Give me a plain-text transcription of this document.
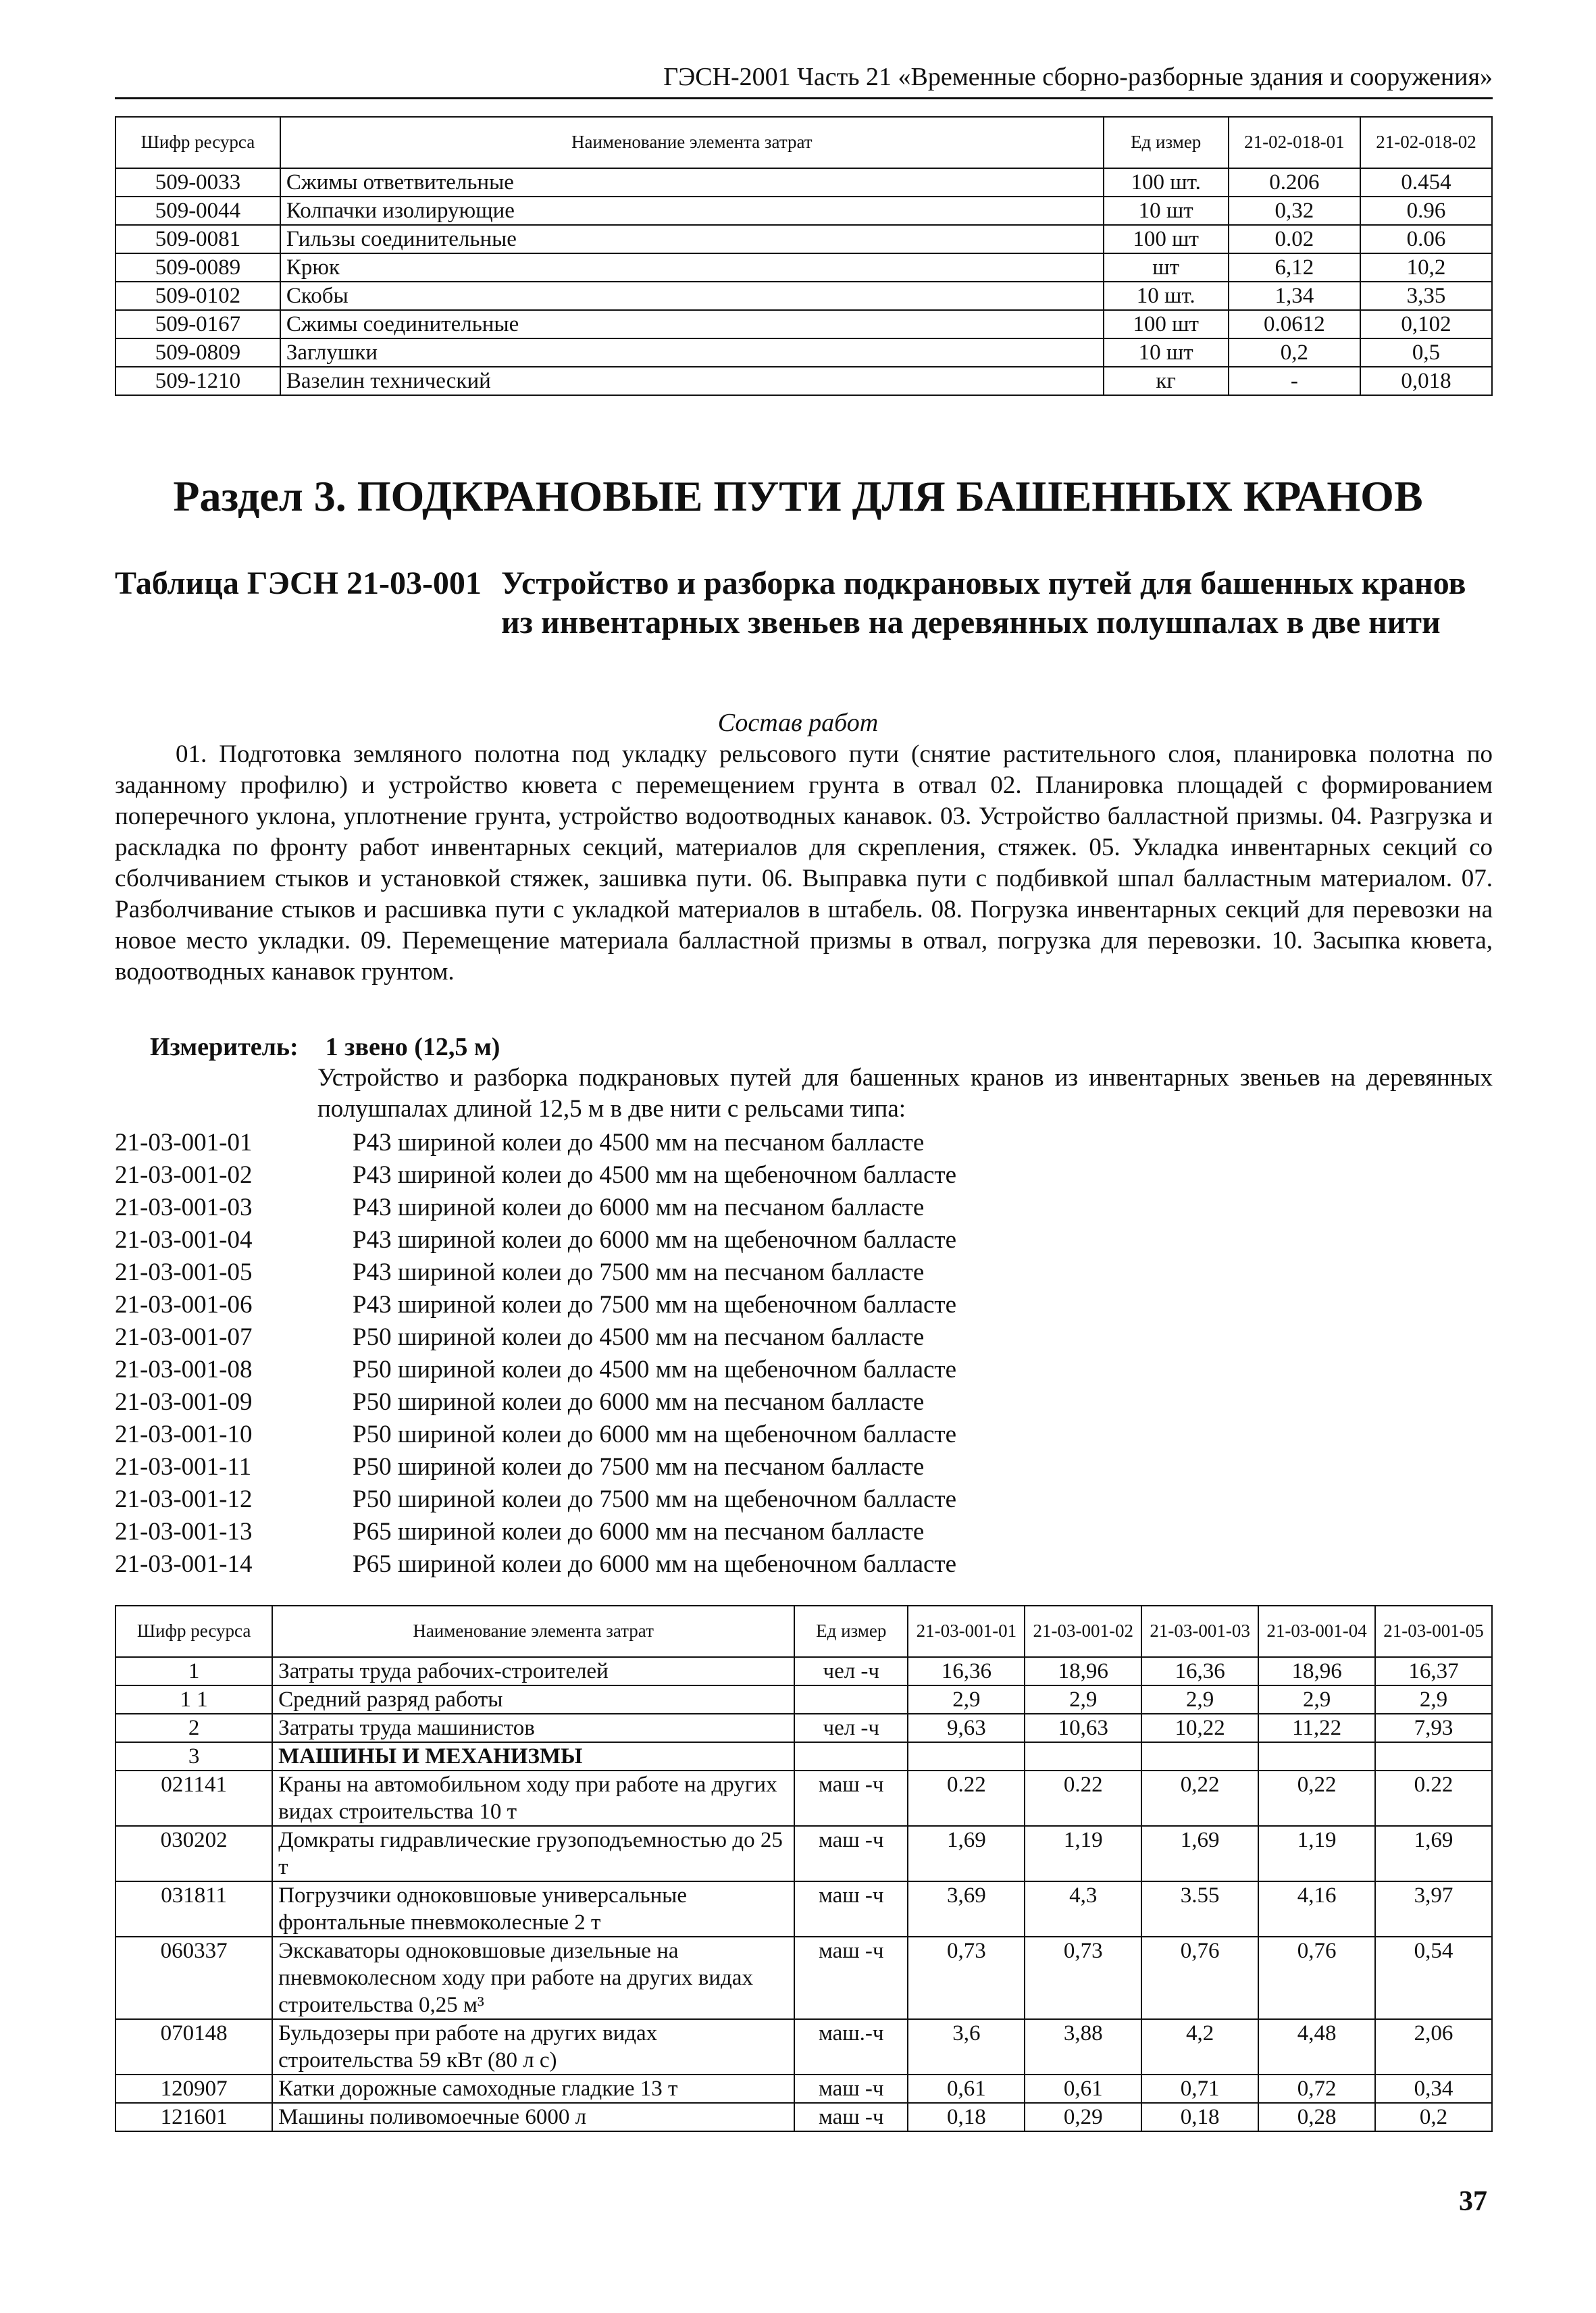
ГЭСН-2001 Часть 21 «Временные сборно-разборные здания и сооружения»
Шифр ресурса	Наименование элемента затрат	Ед измер	21-02-018-01	21-02-018-02
509-0033	Сжимы ответвительные	100 шт.	0.206	0.454
509-0044	Колпачки изолирующие	10 шт	0,32	0.96
509-0081	Гильзы соединительные	100 шт	0.02	0.06
509-0089	Крюк	шт	6,12	10,2
509-0102	Скобы	10 шт.	1,34	3,35
509-0167	Сжимы соединительные	100 шт	0.0612	0,102
509-0809	Заглушки	10 шт	0,2	0,5
509-1210	Вазелин технический	кг	-	0,018
Раздел 3. ПОДКРАНОВЫЕ ПУТИ ДЛЯ БАШЕННЫХ КРАНОВ
Таблица ГЭСН 21-03-001 Устройство и разборка подкрановых путей для башенных кранов из инвентарных звеньев на деревянных полушпалах в две нити
Состав работ
01. Подготовка земляного полотна под укладку рельсового пути (снятие растительного слоя, планировка полотна по заданному профилю) и устройство кювета с перемещением грунта в отвал 02. Планировка площадей с формированием поперечного уклона, уплотнение грунта, устройство водоотводных канавок. 03. Устройство балластной призмы. 04. Разгрузка и раскладка по фронту работ инвентарных секций, материалов для скрепления, стяжек. 05. Укладка инвентарных секций со сболчиванием стыков и установкой стяжек, зашивка пути. 06. Выправка пути с подбивкой шпал балластным материалом. 07. Разболчивание стыков и расшивка пути с укладкой материалов в штабель. 08. Погрузка инвентарных секций для перевозки на новое место укладки. 09. Перемещение материала балластной призмы в отвал, погрузка для перевозки. 10. Засыпка кювета, водоотводных канавок грунтом.
Измеритель: 1 звено (12,5 м)
Устройство и разборка подкрановых путей для башенных кранов из инвентарных звеньев на деревянных полушпалах длиной 12,5 м в две нити с рельсами типа:
21-03-001-01	Р43 шириной колеи до 4500 мм на песчаном балласте
21-03-001-02	Р43 шириной колеи до 4500 мм на щебеночном балласте
21-03-001-03	Р43 шириной колеи до 6000 мм на песчаном балласте
21-03-001-04	Р43 шириной колеи до 6000 мм на щебеночном балласте
21-03-001-05	Р43 шириной колеи до 7500 мм на песчаном балласте
21-03-001-06	Р43 шириной колеи до 7500 мм на щебеночном балласте
21-03-001-07	Р50 шириной колеи до 4500 мм на песчаном балласте
21-03-001-08	Р50 шириной колеи до 4500 мм на щебеночном балласте
21-03-001-09	Р50 шириной колеи до 6000 мм на песчаном балласте
21-03-001-10	Р50 шириной колеи до 6000 мм на щебеночном балласте
21-03-001-11	Р50 шириной колеи до 7500 мм на песчаном балласте
21-03-001-12	Р50 шириной колеи до 7500 мм на щебеночном балласте
21-03-001-13	Р65 шириной колеи до 6000 мм на песчаном балласте
21-03-001-14	Р65 шириной колеи до 6000 мм на щебеночном балласте
Шифр ресурса	Наименование элемента затрат	Ед измер	21-03-001-01	21-03-001-02	21-03-001-03	21-03-001-04	21-03-001-05
1	Затраты труда рабочих-строителей	чел -ч	16,36	18,96	16,36	18,96	16,37
1 1	Средний разряд работы		2,9	2,9	2,9	2,9	2,9
2	Затраты труда машинистов	чел -ч	9,63	10,63	10,22	11,22	7,93
3	МАШИНЫ И МЕХАНИЗМЫ						
021141	Краны на автомобильном ходу при работе на других видах строительства 10 т	маш -ч	0.22	0.22	0,22	0,22	0.22
030202	Домкраты гидравлические грузоподъемностью до 25 т	маш -ч	1,69	1,19	1,69	1,19	1,69
031811	Погрузчики одноковшовые универсальные фронтальные пневмоколесные 2 т	маш -ч	3,69	4,3	3.55	4,16	3,97
060337	Экскаваторы одноковшовые дизельные на пневмоколесном ходу при работе на других видах строительства 0,25 м³	маш -ч	0,73	0,73	0,76	0,76	0,54
070148	Бульдозеры при работе на других видах строительства 59 кВт (80 л с)	маш.-ч	3,6	3,88	4,2	4,48	2,06
120907	Катки дорожные самоходные гладкие 13 т	маш -ч	0,61	0,61	0,71	0,72	0,34
121601	Машины поливомоечные 6000 л	маш -ч	0,18	0,29	0,18	0,28	0,2
37
